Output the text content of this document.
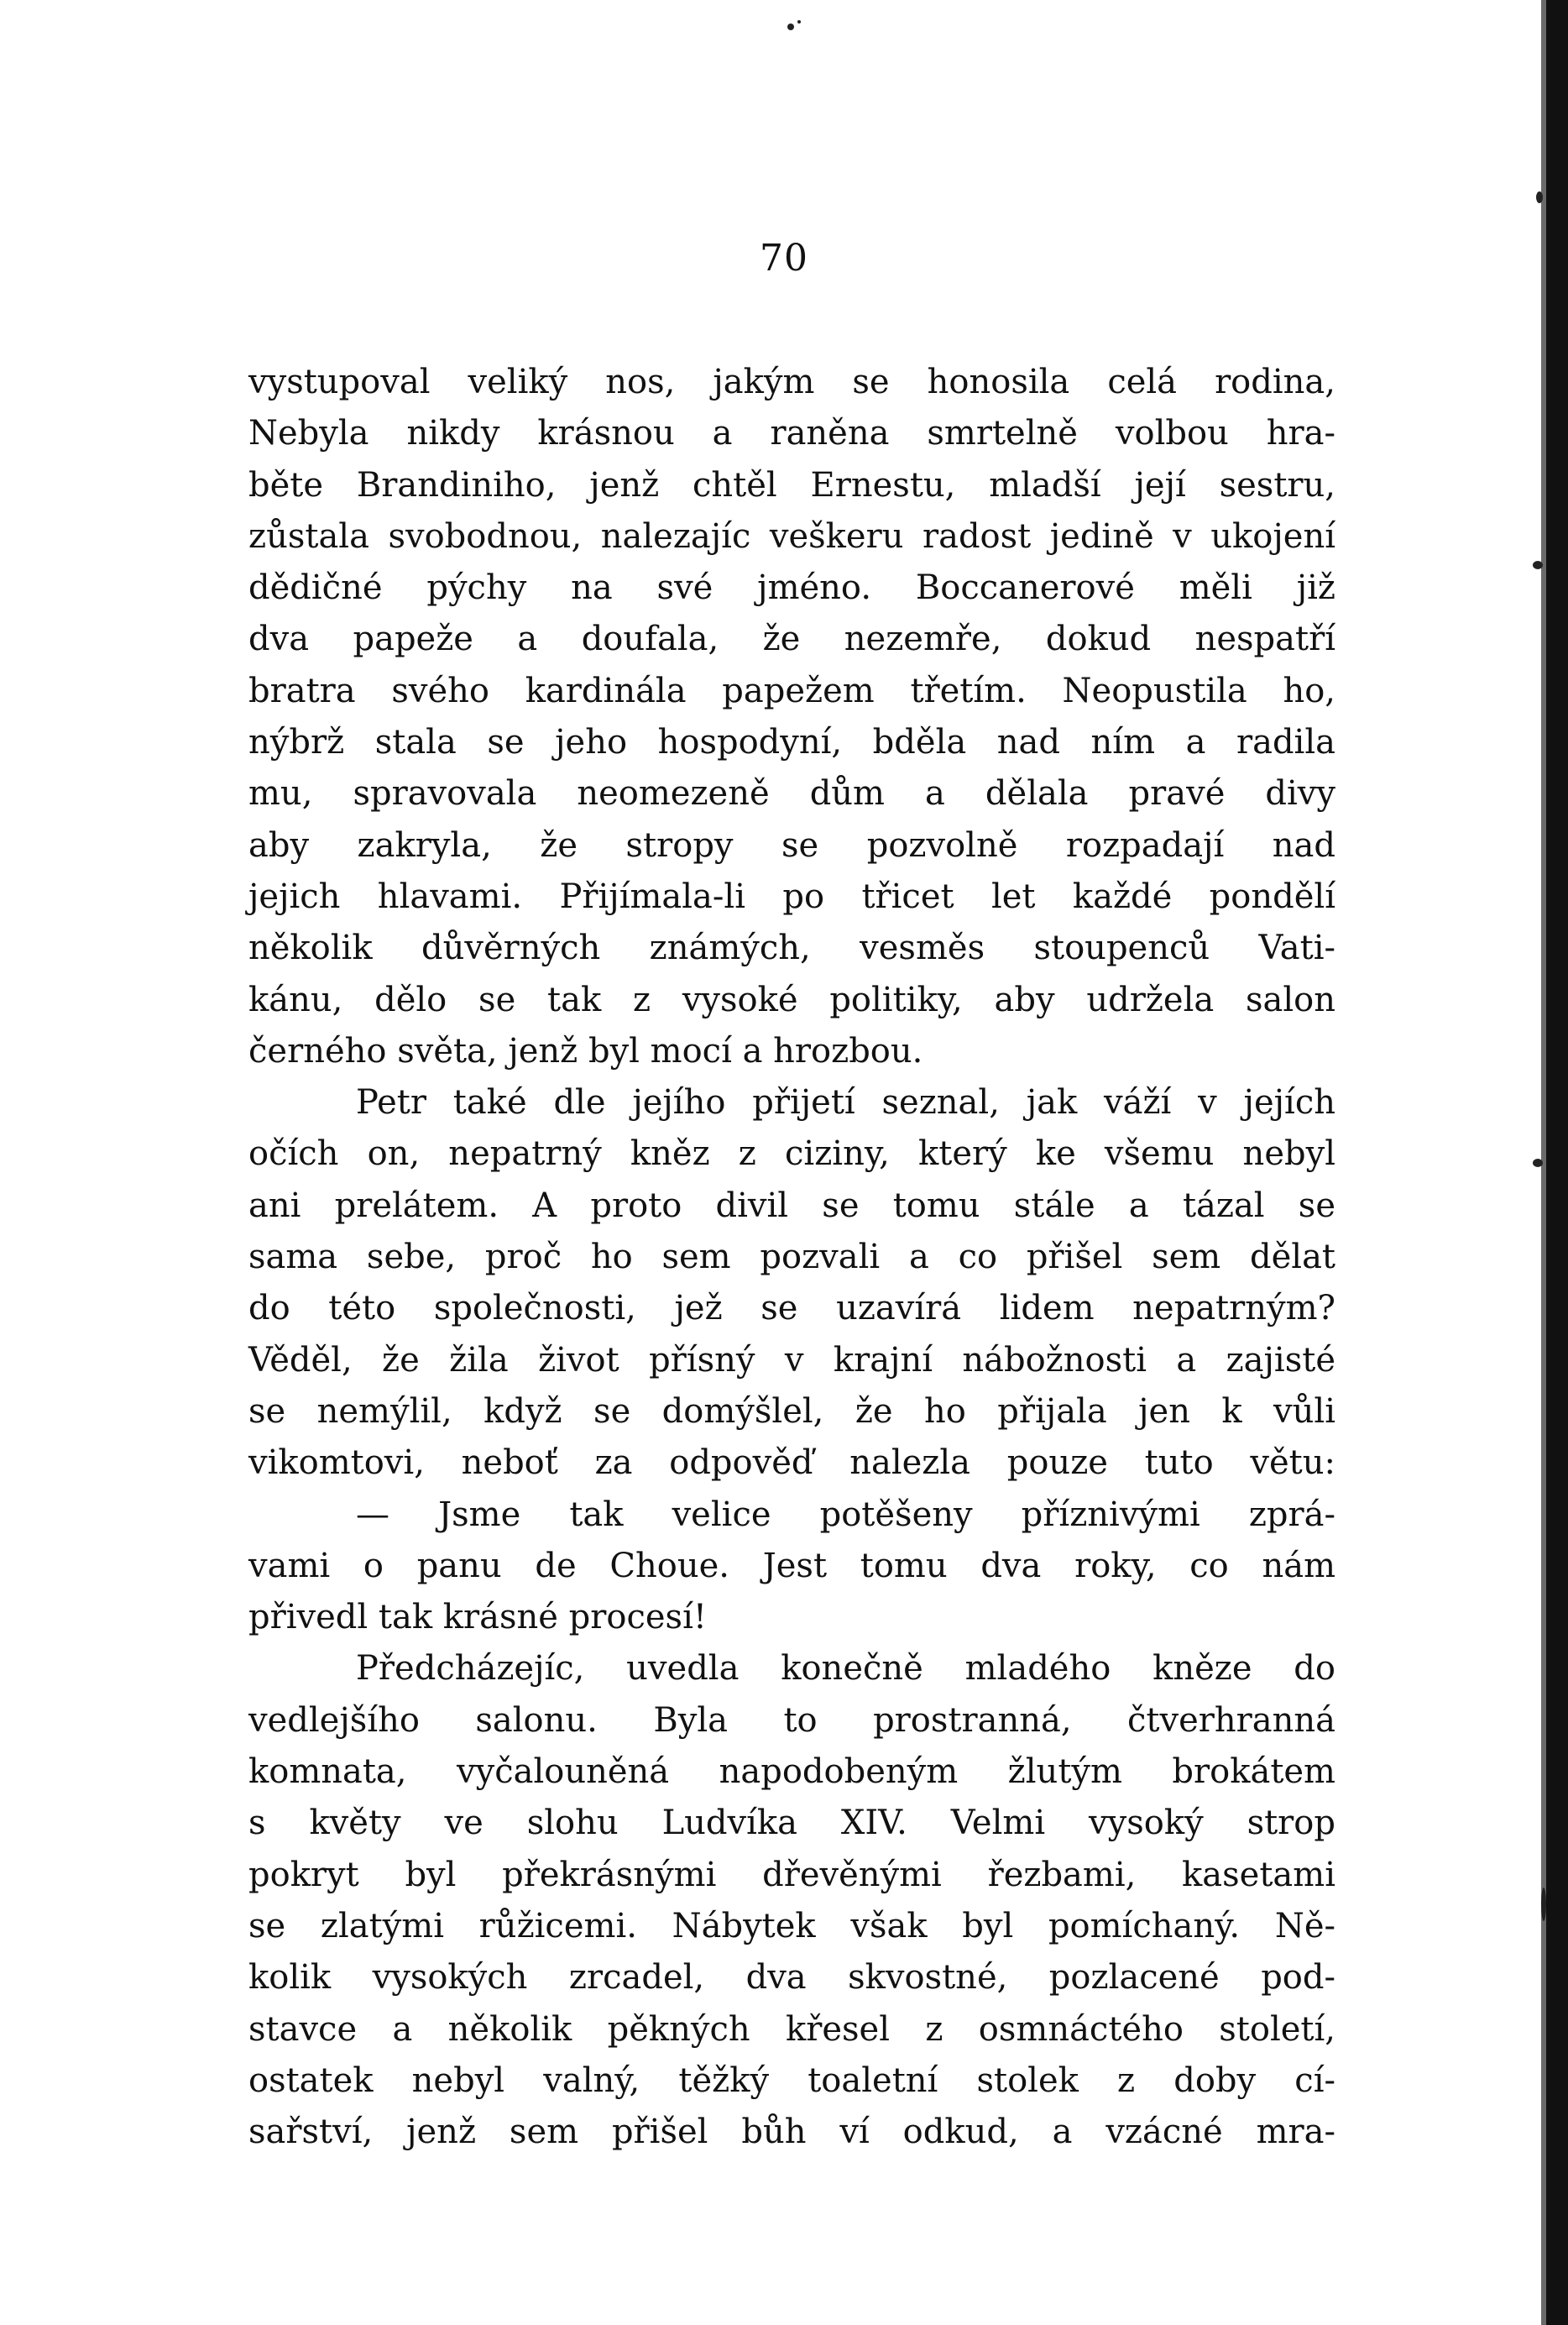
70
vystupoval veliký nos, jakým se honosila celá rodina,
Nebyla nikdy krásnou a raněna smrtelně volbou hra-
běte Brandiniho, jenž chtěl Ernestu, mladší její sestru,
zůstala svobodnou, nalezajíc veškeru radost jedině v ukojení
dědičné pýchy na své jméno. Boccanerové měli již
dva papeže a doufala, že nezemře, dokud nespatří
bratra svého kardinála papežem třetím. Neopustila ho,
nýbrž stala se jeho hospodyní, bděla nad ním a radila
mu, spravovala neomezeně dům a dělala pravé divy
aby zakryla, že stropy se pozvolně rozpadají nad
jejich hlavami. Přijímala-li po třicet let každé pondělí
několik důvěrných známých, vesměs stoupenců Vati-
kánu, dělo se tak z vysoké politiky, aby udržela salon
černého světa, jenž byl mocí a hrozbou.
Petr také dle jejího přijetí seznal, jak váží v jejích
očích on, nepatrný kněz z ciziny, který ke všemu nebyl
ani prelátem. A proto divil se tomu stále a tázal se
sama sebe, proč ho sem pozvali a co přišel sem dělat
do této společnosti, jež se uzavírá lidem nepatrným?
Věděl, že žila život přísný v krajní nábožnosti a zajisté
se nemýlil, když se domýšlel, že ho přijala jen k vůli
vikomtovi, neboť za odpověď nalezla pouze tuto větu:
— Jsme tak velice potěšeny příznivými zprá-
vami o panu de Choue. Jest tomu dva roky, co nám
přivedl tak krásné procesí!
Předcházejíc, uvedla konečně mladého kněze do
vedlejšího salonu. Byla to prostranná, čtverhranná
komnata, vyčalouněná napodobeným žlutým brokátem
s květy ve slohu Ludvíka XIV. Velmi vysoký strop
pokryt byl překrásnými dřevěnými řezbami, kasetami
se zlatými růžicemi. Nábytek však byl pomíchaný. Ně-
kolik vysokých zrcadel, dva skvostné, pozlacené pod-
stavce a několik pěkných křesel z osmnáctého století,
ostatek nebyl valný, těžký toaletní stolek z doby cí-
sařství, jenž sem přišel bůh ví odkud, a vzácné mra-
